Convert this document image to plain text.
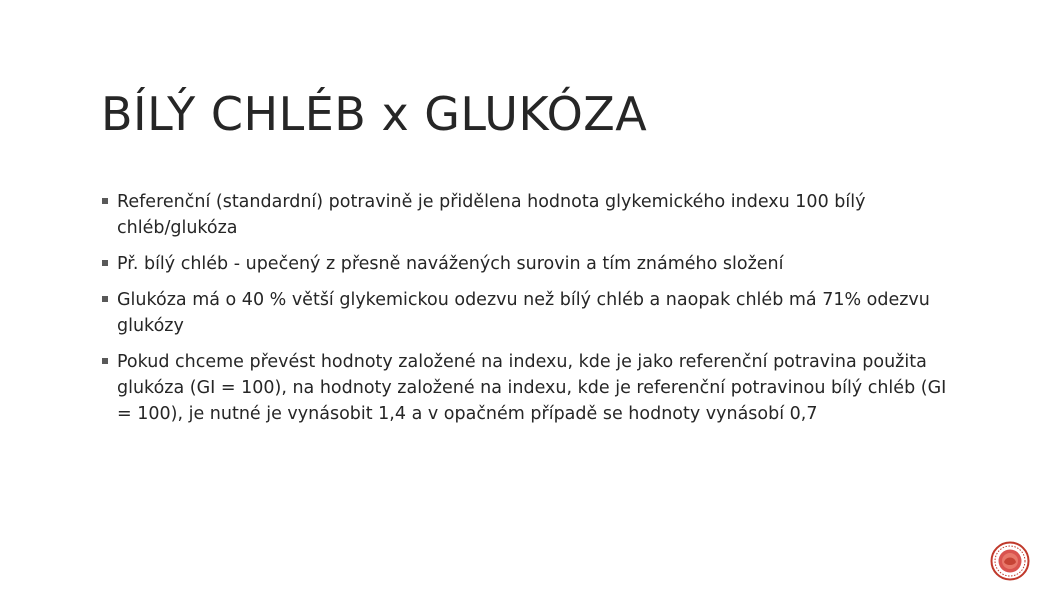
BÍLÝ CHLÉB x GLUKÓZA
Referenční (standardní) potravině je přidělena hodnota glykemického indexu 100 bílý chléb/glukóza
Př. bílý chléb - upečený z přesně navážených surovin a tím známého složení
Glukóza má o 40 % větší glykemickou odezvu než bílý chléb a naopak chléb má 71% odezvu glukózy
Pokud chceme převést hodnoty založené na indexu, kde je jako referenční potravina použita glukóza (GI = 100), na hodnoty založené na indexu, kde je referenční potravinou bílý chléb (GI = 100), je nutné je vynásobit 1,4 a v opačném případě se hodnoty vynásobí 0,7
